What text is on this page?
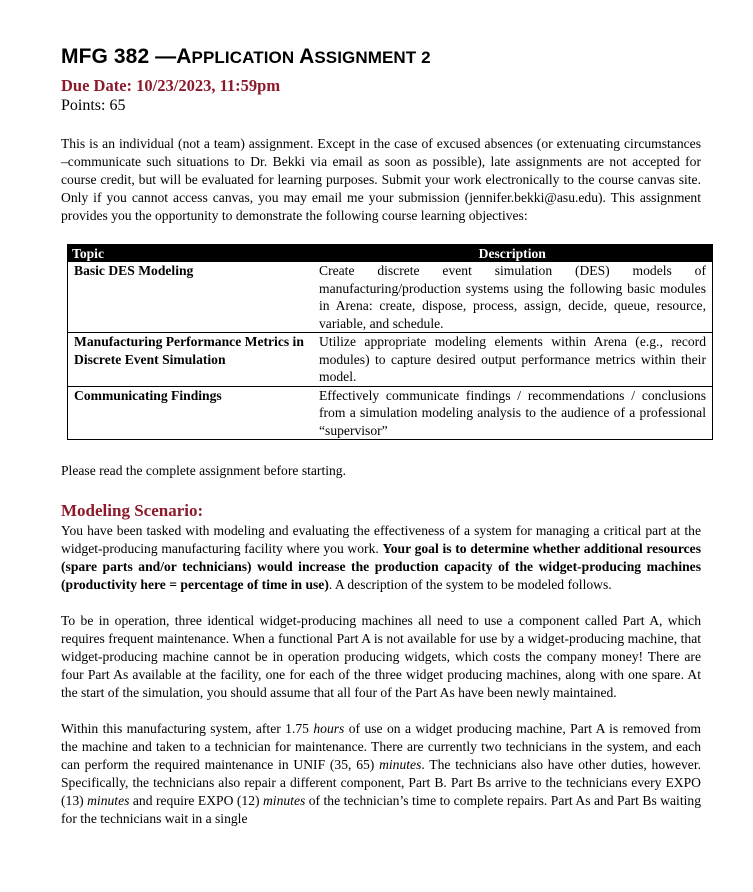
MFG 382 —APPLICATION ASSIGNMENT 2

Due Date: 10/23/2023, 11:59pm

Points: 65

This is an individual (not a team) assignment. Except in the case of excused absences (or extenuating circumstances –communicate such situations to Dr. Bekki via email as soon as possible), late assignments are not accepted for course credit, but will be evaluated for learning purposes. Submit your work electronically to the course canvas site. Only if you cannot access canvas, you may email me your submission (jennifer.bekki@asu.edu). This assignment provides you the opportunity to demonstrate the following course learning objectives:

Topic	Description
Basic DES Modeling	Create discrete event simulation (DES) models of manufacturing/production systems using the following basic modules in Arena: create, dispose, process, assign, decide, queue, resource, variable, and schedule.
Manufacturing Performance Metrics in Discrete Event Simulation	Utilize appropriate modeling elements within Arena (e.g., record modules) to capture desired output performance metrics within their model.
Communicating Findings	Effectively communicate findings / recommendations / conclusions from a simulation modeling analysis to the audience of a professional “supervisor”

Please read the complete assignment before starting.

Modeling Scenario:

You have been tasked with modeling and evaluating the effectiveness of a system for managing a critical part at the widget-producing manufacturing facility where you work. Your goal is to determine whether additional resources (spare parts and/or technicians) would increase the production capacity of the widget-producing machines (productivity here = percentage of time in use). A description of the system to be modeled follows.

To be in operation, three identical widget-producing machines all need to use a component called Part A, which requires frequent maintenance. When a functional Part A is not available for use by a widget-producing machine, that widget-producing machine cannot be in operation producing widgets, which costs the company money! There are four Part As available at the facility, one for each of the three widget producing machines, along with one spare. At the start of the simulation, you should assume that all four of the Part As have been newly maintained.

Within this manufacturing system, after 1.75 hours of use on a widget producing machine, Part A is removed from the machine and taken to a technician for maintenance. There are currently two technicians in the system, and each can perform the required maintenance in UNIF (35, 65) minutes. The technicians also have other duties, however. Specifically, the technicians also repair a different component, Part B. Part Bs arrive to the technicians every EXPO (13) minutes and require EXPO (12) minutes of the technician’s time to complete repairs. Part As and Part Bs waiting for the technicians wait in a single
